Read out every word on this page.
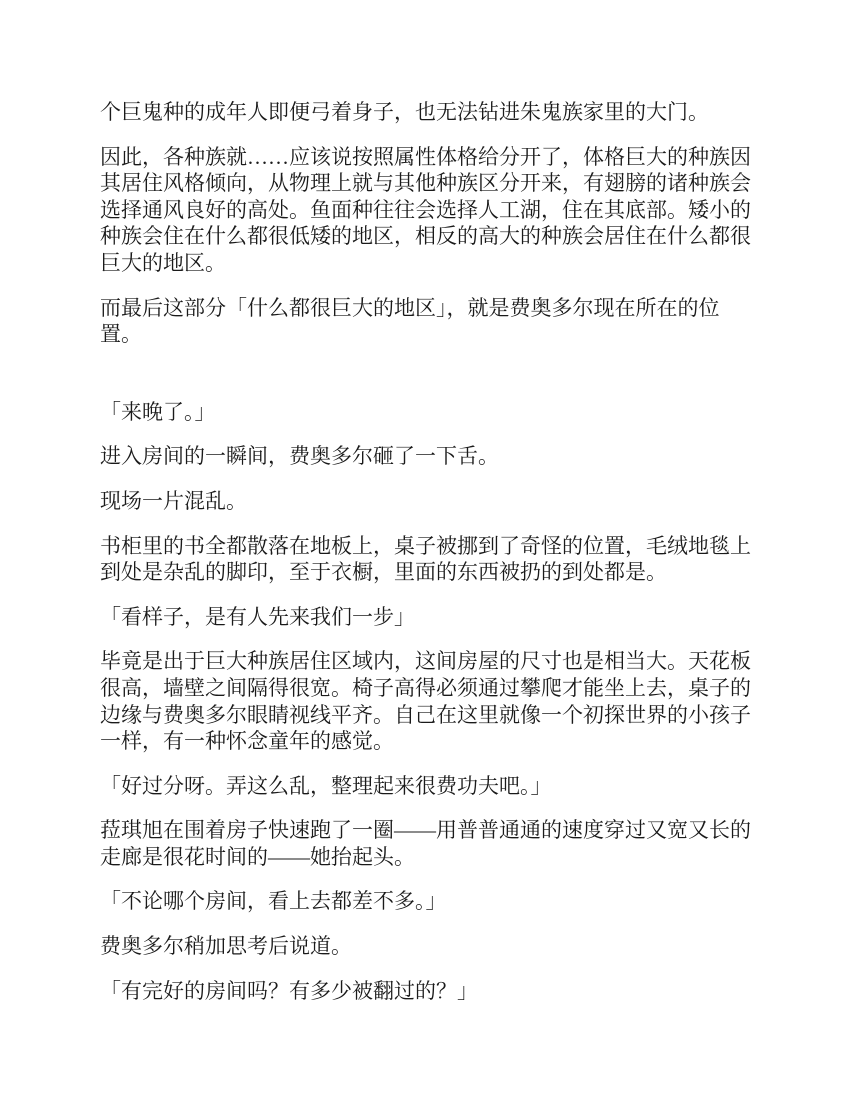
个巨鬼种的成年人即便弓着身子，也无法钻进朱鬼族家里的大门。
因此，各种族就……应该说按照属性体格给分开了，体格巨大的种族因
其居住风格倾向，从物理上就与其他种族区分开来，有翅膀的诸种族会
选择通风良好的高处。鱼面种往往会选择人工湖，住在其底部。矮小的
种族会住在什么都很低矮的地区，相反的高大的种族会居住在什么都很
巨大的地区。
而最后这部分「什么都很巨大的地区」，就是费奥多尔现在所在的位
置。
「来晚了。」
进入房间的一瞬间，费奥多尔砸了一下舌。
现场一片混乱。
书柜里的书全都散落在地板上，桌子被挪到了奇怪的位置，毛绒地毯上
到处是杂乱的脚印，至于衣橱，里面的东西被扔的到处都是。
「看样子，是有人先来我们一步」
毕竟是出于巨大种族居住区域内，这间房屋的尺寸也是相当大。天花板
很高，墙壁之间隔得很宽。椅子高得必须通过攀爬才能坐上去，桌子的
边缘与费奥多尔眼睛视线平齐。自己在这里就像一个初探世界的小孩子
一样，有一种怀念童年的感觉。
「好过分呀。弄这么乱，整理起来很费功夫吧。」
菈琪旭在围着房子快速跑了一圈——用普普通通的速度穿过又宽又长的
走廊是很花时间的——她抬起头。
「不论哪个房间，看上去都差不多。」
费奥多尔稍加思考后说道。
「有完好的房间吗？有多少被翻过的？」
